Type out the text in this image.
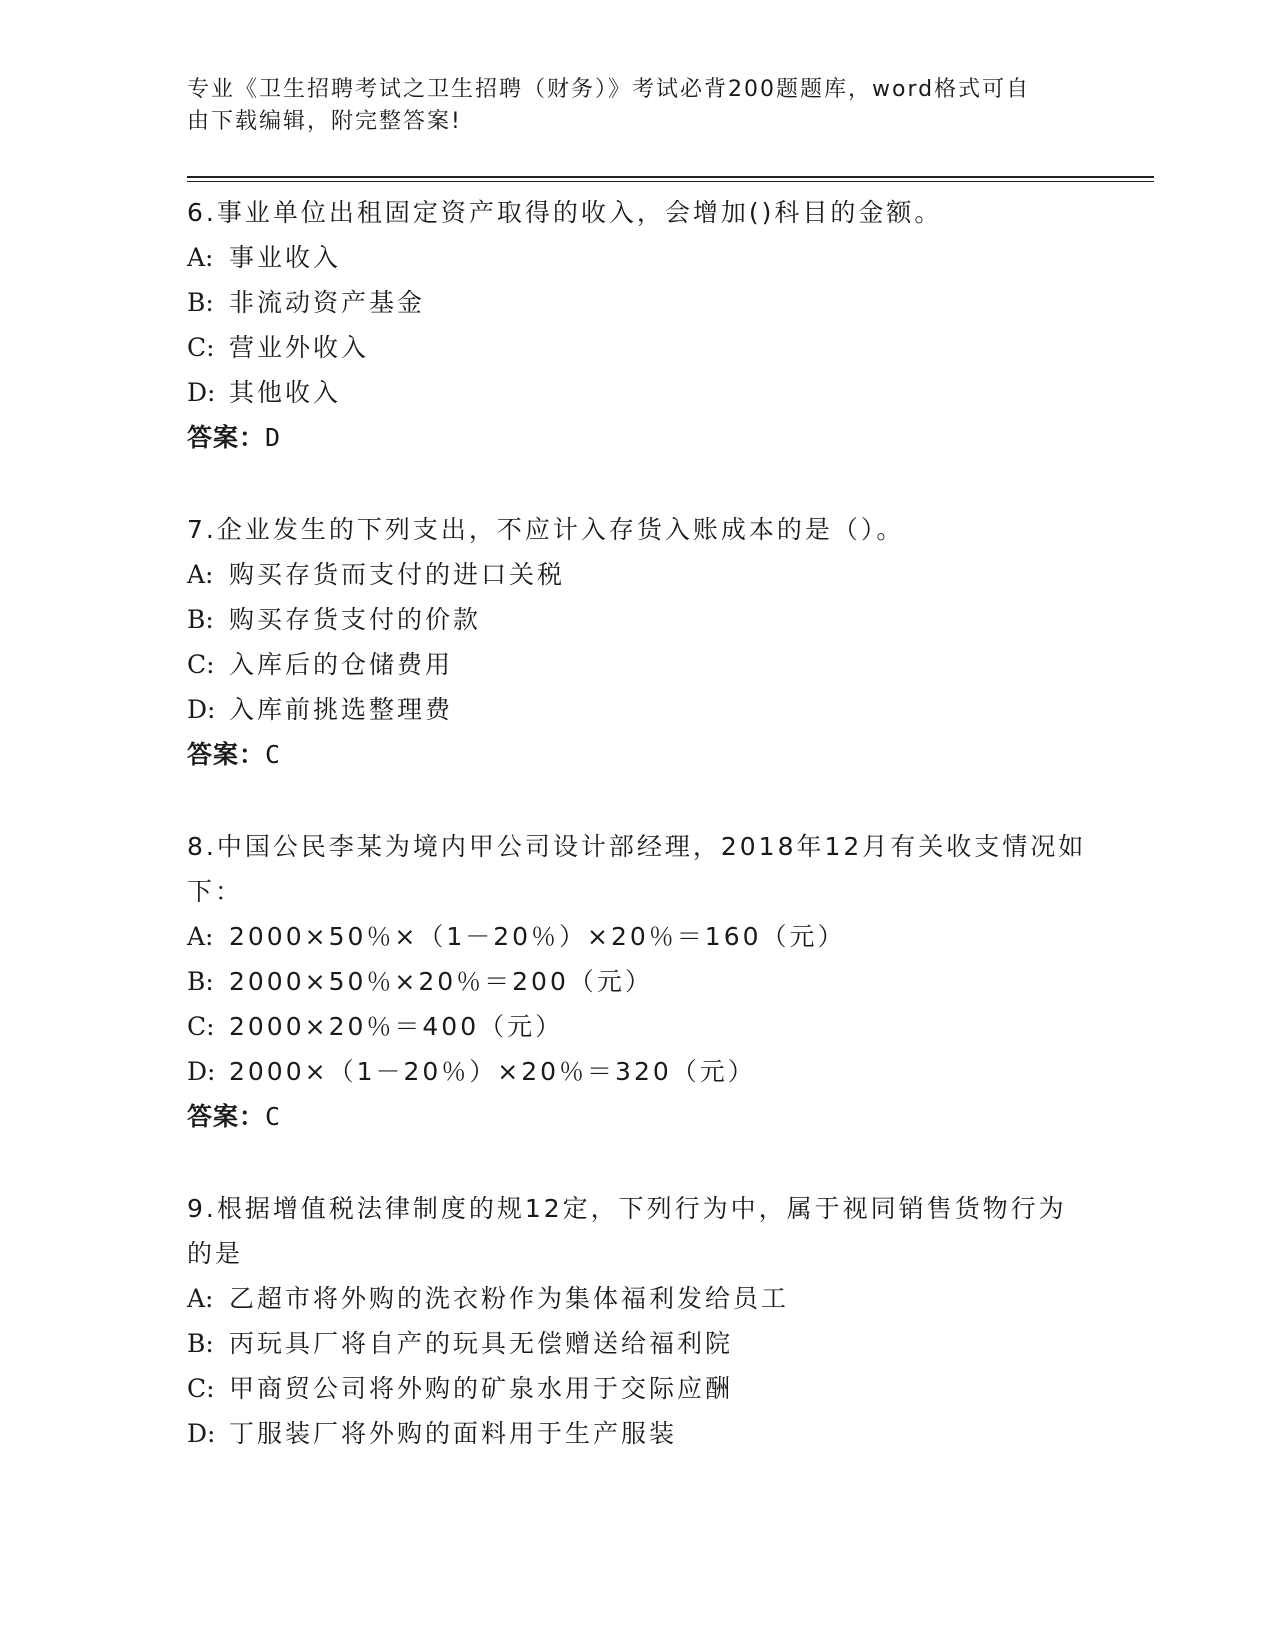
专业《卫生招聘考试之卫生招聘（财务）》考试必背200题题库，word格式可自
由下载编辑，附完整答案!
6.事业单位出租固定资产取得的收入，会增加()科目的金额。
A: 事业收入
B: 非流动资产基金
C: 营业外收入
D: 其他收入
答案：D
7.企业发生的下列支出，不应计入存货入账成本的是（）。
A: 购买存货而支付的进口关税
B: 购买存货支付的价款
C: 入库后的仓储费用
D: 入库前挑选整理费
答案：C
8.中国公民李某为境内甲公司设计部经理，2018年12月有关收支情况如下：
A: 2000×50％×（1－20％）×20％＝160（元）
B: 2000×50％×20％＝200（元）
C: 2000×20％＝400（元）
D: 2000×（1－20％）×20％＝320（元）
答案：C
9.根据增值税法律制度的规12定，下列行为中，属于视同销售货物行为的是
A: 乙超市将外购的洗衣粉作为集体福利发给员工
B: 丙玩具厂将自产的玩具无偿赠送给福利院
C: 甲商贸公司将外购的矿泉水用于交际应酬
D: 丁服装厂将外购的面料用于生产服装
